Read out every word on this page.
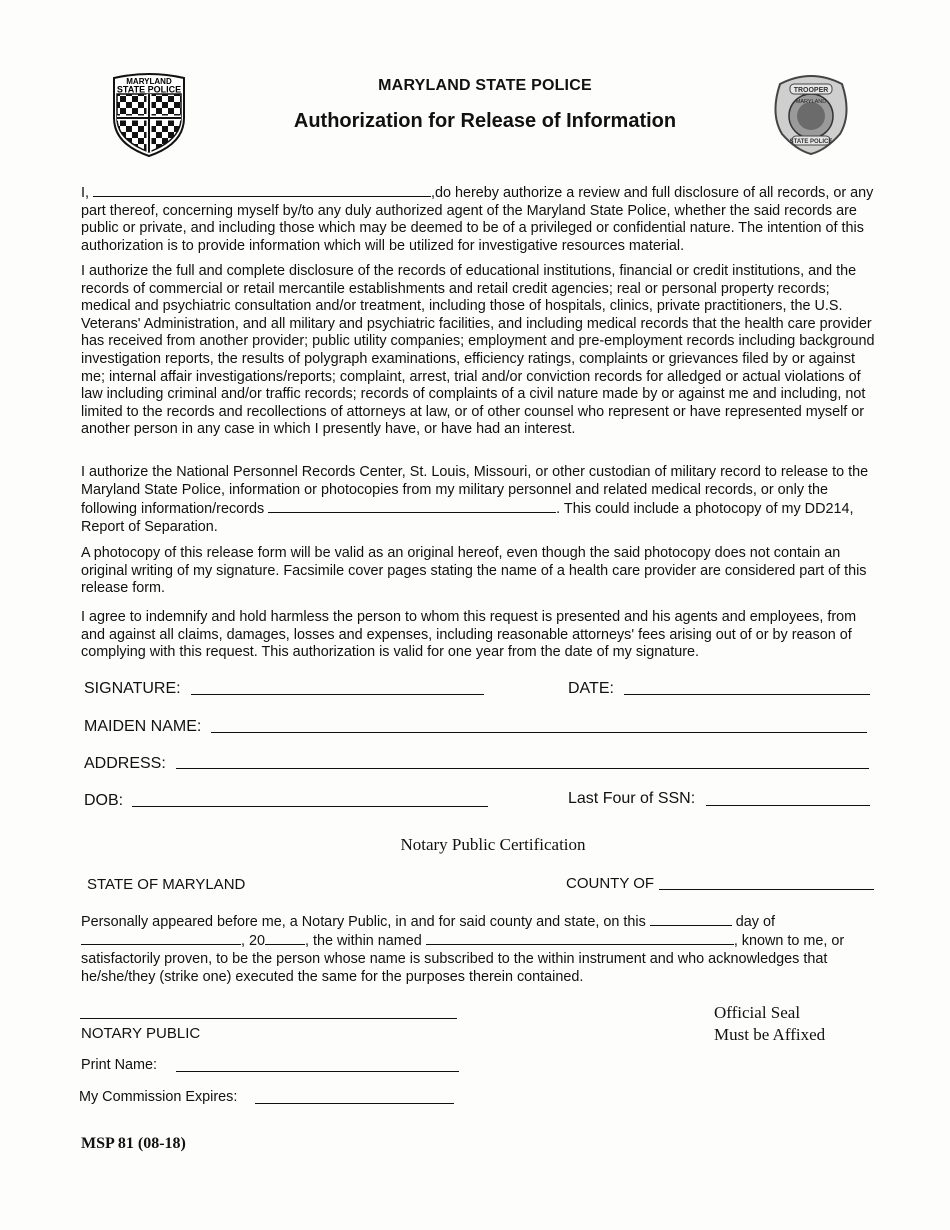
MARYLAND
STATE POLICE	MARYLAND STATE POLICE
Authorization for Release of Information
TROOPER
MARYLAND
STATE POLICE
I,	,do hereby authorize a review and full disclosure of all records, or any part thereof, concerning myself by/to any duly authorized agent of the Maryland State Police, whether the said records are public or private, and including those which may be deemed to be of a privileged or confidential nature. The intention of this authorization is to provide information which will be utilized for investigative resources material.
I authorize the full and complete disclosure of the records of educational institutions, financial or credit institutions, and the records of commercial or retail mercantile establishments and retail credit agencies; real or personal property records; medical and psychiatric consultation and/or treatment, including those of hospitals, clinics, private practitioners, the U.S. Veterans' Administration, and all military and psychiatric facilities, and including medical records that the health care provider has received from another provider; public utility companies; employment and pre-employment records including background investigation reports, the results of polygraph examinations, efficiency ratings, complaints or grievances filed by or against me; internal affair investigations/reports; complaint, arrest, trial and/or conviction records for alledged or actual violations of law including criminal and/or traffic records; records of complaints of a civil nature made by or against me and including, not limited to the records and recollections of attorneys at law, or of other counsel who represent or have represented myself or another person in any case in which I presently have, or have had an interest.
I authorize the National Personnel Records Center, St. Louis, Missouri, or other custodian of military record to release to the Maryland State Police, information or photocopies from my military personnel and related medical records, or only the following information/records	. This could include a photocopy of my DD214, Report of Separation.
A photocopy of this release form will be valid as an original hereof, even though the said photocopy does not contain an original writing of my signature. Facsimile cover pages stating the name of a health care provider are considered part of this release form.
I agree to indemnify and hold harmless the person to whom this request is presented and his agents and employees, from and against all claims, damages, losses and expenses, including reasonable attorneys' fees arising out of or by reason of complying with this request. This authorization is valid for one year from the date of my signature.
SIGNATURE:	DATE:
MAIDEN NAME:
ADDRESS:
DOB:	Last Four of SSN:
Notary Public Certification
STATE OF MARYLAND	COUNTY OF
Personally appeared before me, a Notary Public, in and for said county and state, on this	day of
, 20	, the within named	, known to me, or
satisfactorily proven, to be the person whose name is subscribed to the within instrument and who acknowledges that he/she/they (strike one) executed the same for the purposes therein contained.
NOTARY PUBLIC
Print Name:
My Commission Expires:
Official Seal
Must be Affixed
MSP 81 (08-18)
